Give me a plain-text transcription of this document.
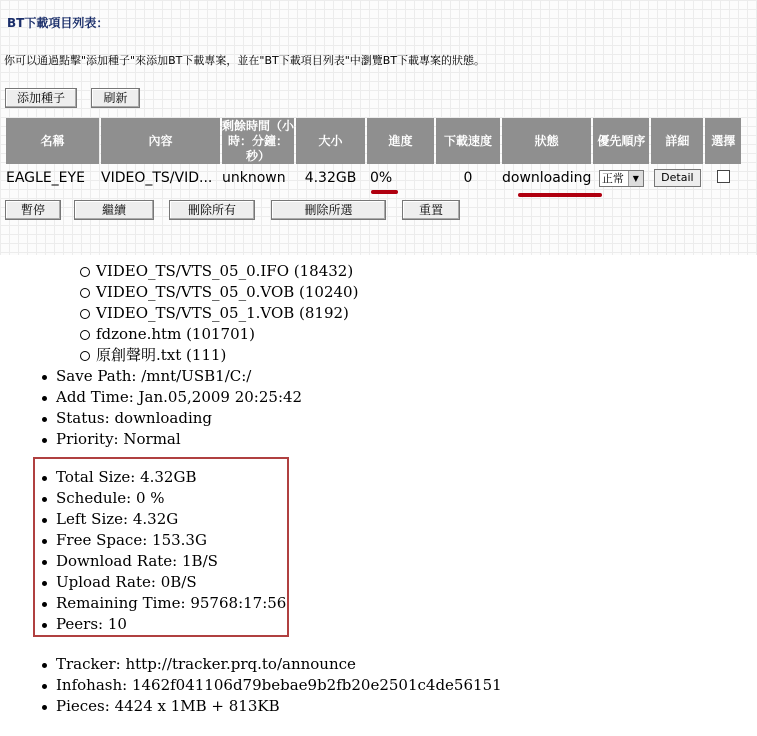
BT下載項目列表：
你可以通過點擊"添加種子"來添加BT下載專案，並在"BT下載項目列表"中瀏覽BT下載專案的狀態。
添加種子	刷新
名稱	內容	剩餘時間（小時：分鐘：秒）	大小	進度	下載速度	狀態	優先順序	詳細	選擇
EAGLE_EYE	VIDEO_TS/VID...	unknown	4.32GB	0%	0	downloading	正常 ▼	Detail	
暫停	繼續	刪除所有	刪除所選	重置
VIDEO_TS/VTS_05_0.IFO (18432)
VIDEO_TS/VTS_05_0.VOB (10240)
VIDEO_TS/VTS_05_1.VOB (8192)
fdzone.htm (101701)
原創聲明.txt (111)
Save Path: /mnt/USB1/C:/
Add Time: Jan.05,2009 20:25:42
Status: downloading
Priority: Normal
Total Size: 4.32GB
Schedule: 0 %
Left Size: 4.32G
Free Space: 153.3G
Download Rate: 1B/S
Upload Rate: 0B/S
Remaining Time: 95768:17:56
Peers: 10
Tracker: http://tracker.prq.to/announce
Infohash: 1462f041106d79bebae9b2fb20e2501c4de56151
Pieces: 4424 x 1MB + 813KB
